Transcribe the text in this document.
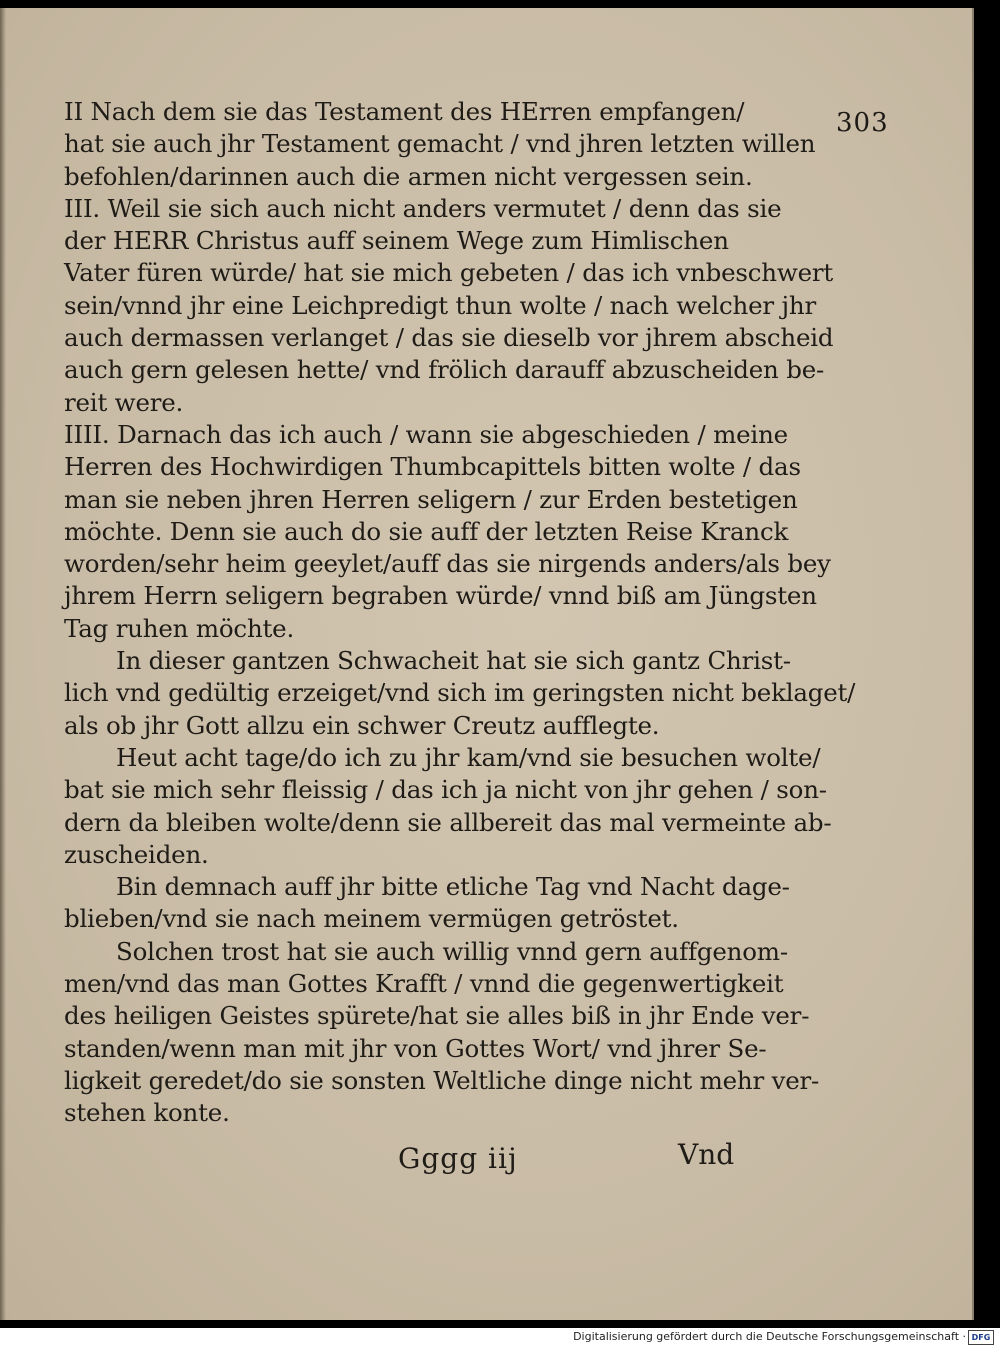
303
II Nach dem sie das Testament des HErren empfangen/
hat sie auch jhr Testament gemacht / vnd jhren letzten willen
befohlen/darinnen auch die armen nicht vergessen sein.
III. Weil sie sich auch nicht anders vermutet / denn das sie
der HERR Christus auff seinem Wege zum Himlischen
Vater füren würde/ hat sie mich gebeten / das ich vnbeschwert
sein/vnnd jhr eine Leichpredigt thun wolte / nach welcher jhr
auch dermassen verlanget / das sie dieselb vor jhrem abscheid
auch gern gelesen hette/ vnd frölich darauff abzuscheiden be-
reit were.
IIII. Darnach das ich auch / wann sie abgeschieden / meine
Herren des Hochwirdigen Thumbcapittels bitten wolte / das
man sie neben jhren Herren seligern / zur Erden bestetigen
möchte. Denn sie auch do sie auff der letzten Reise Kranck
worden/sehr heim geeylet/auff das sie nirgends anders/als bey
jhrem Herrn seligern begraben würde/ vnnd biß am Jüngsten
Tag ruhen möchte.
In dieser gantzen Schwacheit hat sie sich gantz Christ-
lich vnd gedültig erzeiget/vnd sich im geringsten nicht beklaget/
als ob jhr Gott allzu ein schwer Creutz aufflegte.
Heut acht tage/do ich zu jhr kam/vnd sie besuchen wolte/
bat sie mich sehr fleissig / das ich ja nicht von jhr gehen / son-
dern da bleiben wolte/denn sie allbereit das mal vermeinte ab-
zuscheiden.
Bin demnach auff jhr bitte etliche Tag vnd Nacht dage-
blieben/vnd sie nach meinem vermügen getröstet.
Solchen trost hat sie auch willig vnnd gern auffgenom-
men/vnd das man Gottes Krafft / vnnd die gegenwertigkeit
des heiligen Geistes spürete/hat sie alles biß in jhr Ende ver-
standen/wenn man mit jhr von Gottes Wort/ vnd jhrer Se-
ligkeit geredet/do sie sonsten Weltliche dinge nicht mehr ver-
stehen konte.
Gggg iij	Vnd
Digitalisierung gefördert durch die Deutsche Forschungsgemeinschaft · DFG
